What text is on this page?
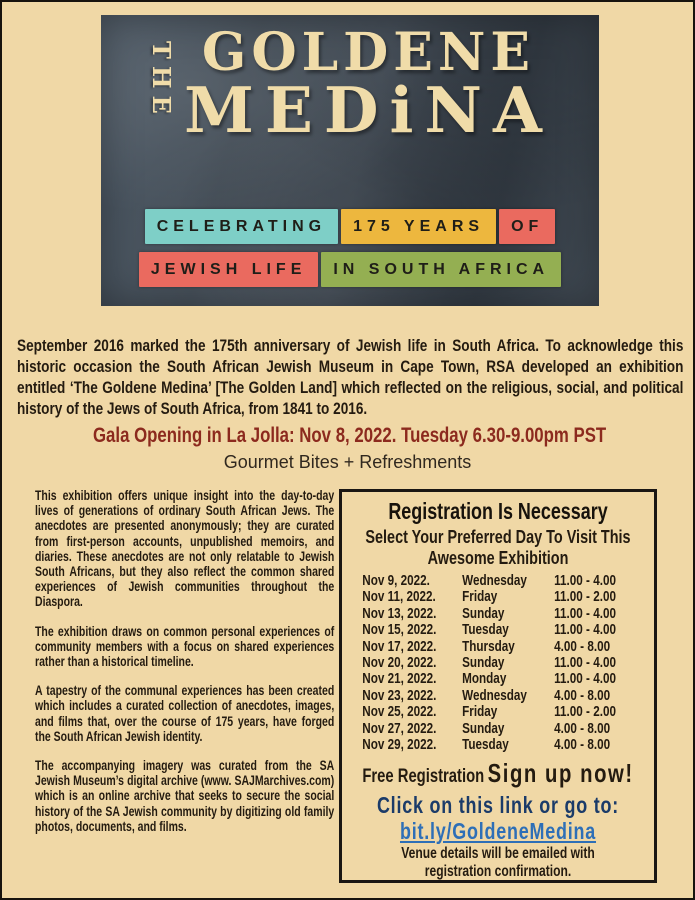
THE GOLDENE
MEDiNA
CELEBRATING	175 YEARS	OF
JEWISH LIFE	IN SOUTH AFRICA

September 2016 marked the 175th anniversary of Jewish life in South Africa. To acknowledge this historic occasion the South African Jewish Museum in Cape Town, RSA developed an exhibition entitled ‘The Goldene Medina’ [The Golden Land] which reflected on the religious, social, and political history of the Jews of South Africa, from 1841 to 2016.

Gala Opening in La Jolla: Nov 8, 2022. Tuesday 6.30-9.00pm PST
Gourmet Bites + Refreshments

This exhibition offers unique insight into the day-to-day lives of generations of ordinary South African Jews. The anecdotes are presented anonymously; they are curated from first-person accounts, unpublished memoirs, and diaries. These anecdotes are not only relatable to Jewish South Africans, but they also reflect the common shared experiences of Jewish communities throughout the Diaspora.

The exhibition draws on common personal experiences of community members with a focus on shared experiences rather than a historical timeline.

A tapestry of the communal experiences has been created which includes a curated collection of anecdotes, images, and films that, over the course of 175 years, have forged the South African Jewish identity.

The accompanying imagery was curated from the SA Jewish Museum’s digital archive (www. SAJMarchives.com) which is an online archive that seeks to secure the social history of the SA Jewish community by digitizing old family photos, documents, and films.

Registration Is Necessary
Select Your Preferred Day To Visit This Awesome Exhibition
Nov 9, 2022.	Wednesday	11.00 - 4.00
Nov 11, 2022.	Friday	11.00 - 2.00
Nov 13, 2022.	Sunday	11.00 - 4.00
Nov 15, 2022.	Tuesday	11.00 - 4.00
Nov 17, 2022.	Thursday	4.00 - 8.00
Nov 20, 2022.	Sunday	11.00 - 4.00
Nov 21, 2022.	Monday	11.00 - 4.00
Nov 23, 2022.	Wednesday	4.00 - 8.00
Nov 25, 2022.	Friday	11.00 - 2.00
Nov 27, 2022.	Sunday	4.00 - 8.00
Nov 29, 2022.	Tuesday	4.00 - 8.00
Free Registration Sign up now!
Click on this link or go to:
bit.ly/GoldeneMedina
Venue details will be emailed with registration confirmation.
